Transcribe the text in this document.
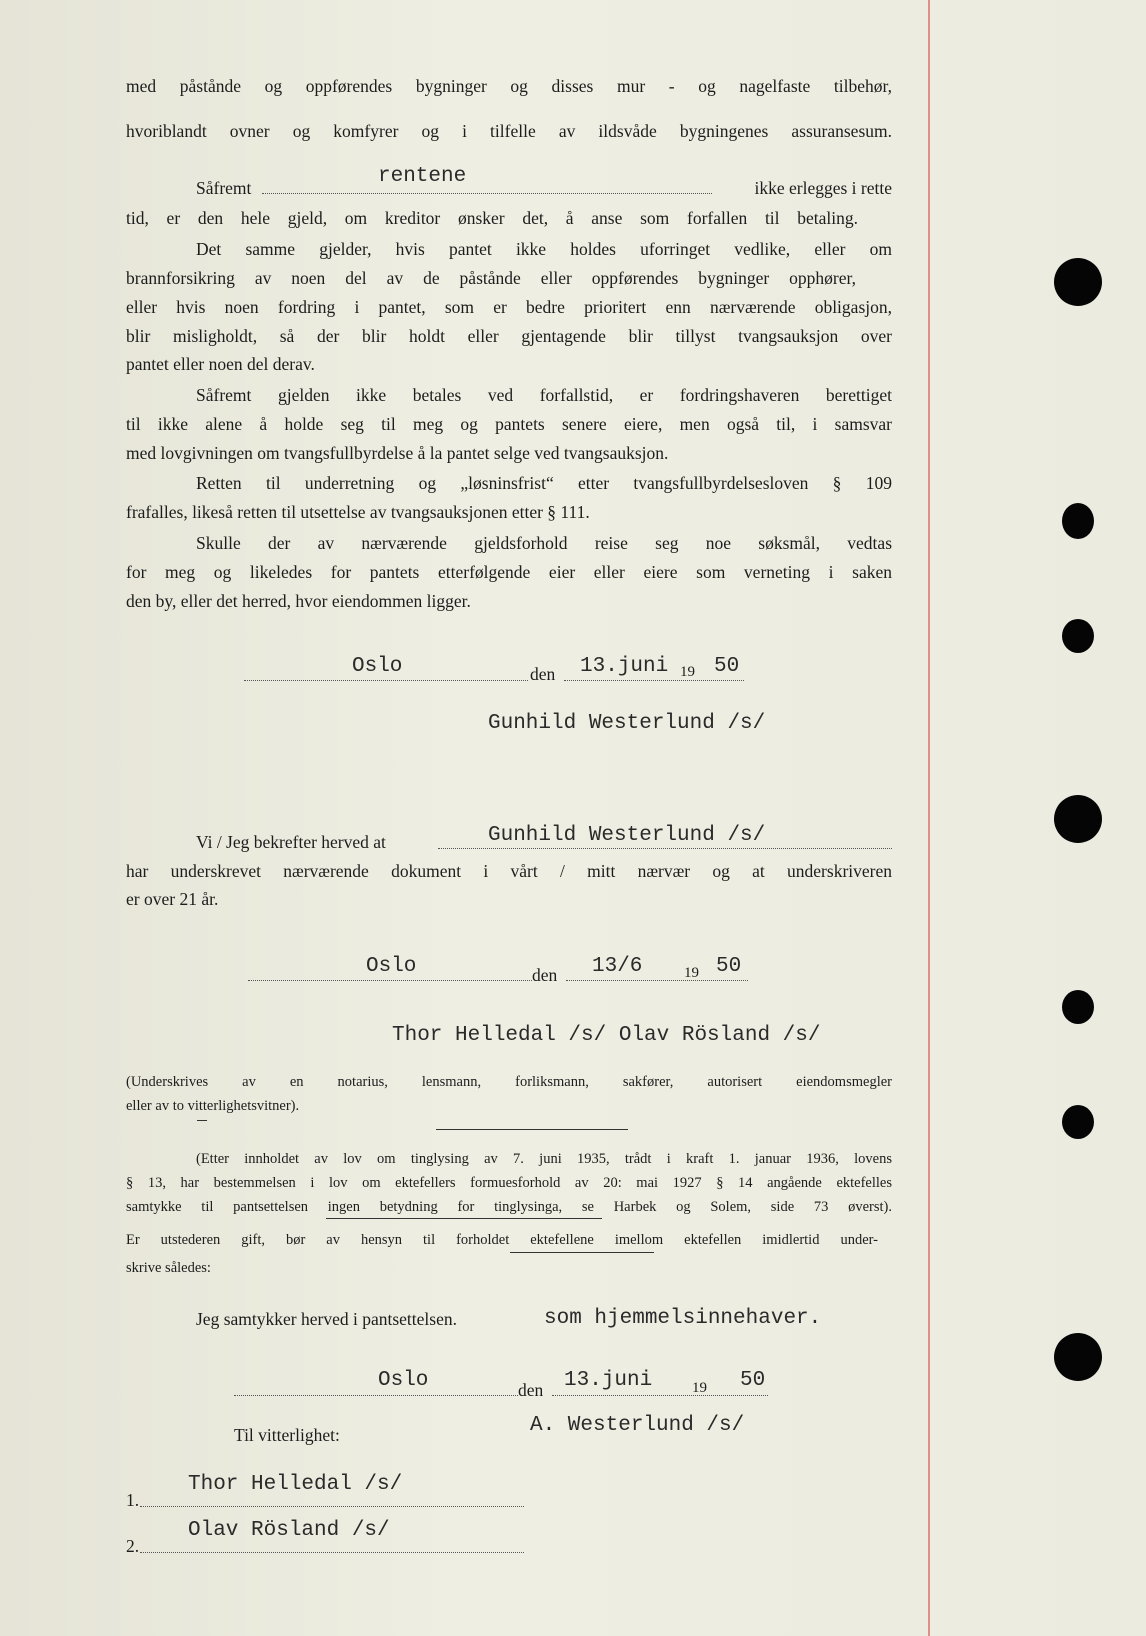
med påstånde og oppførendes bygninger og disses mur - og nagelfaste tilbehør,
hvoriblandt ovner og komfyrer og i tilfelle av ildsvåde bygningenes assuransesum.
Såfremt	rentene	ikke erlegges i rette
tid, er den hele gjeld, om kreditor ønsker det, å anse som forfallen til betaling.
Det samme gjelder, hvis pantet ikke holdes uforringet vedlike, eller om
brannforsikring av noen del av de påstånde eller oppførendes bygninger opphører,
eller hvis noen fordring i pantet, som er bedre prioritert enn nærværende obligasjon,
blir misligholdt, så der blir holdt eller gjentagende blir tillyst tvangsauksjon over
pantet eller noen del derav.
Såfremt gjelden ikke betales ved forfallstid, er fordringshaveren berettiget
til ikke alene å holde seg til meg og pantets senere eiere, men også til, i samsvar
med lovgivningen om tvangsfullbyrdelse å la pantet selge ved tvangsauksjon.
Retten til underretning og „løsninsfrist“ etter tvangsfullbyrdelsesloven § 109
frafalles, likeså retten til utsettelse av tvangsauksjonen etter § 111.
Skulle der av nærværende gjeldsforhold reise seg noe søksmål, vedtas
for meg og likeledes for pantets etterfølgende eier eller eiere som verneting i saken
den by, eller det herred, hvor eiendommen ligger.
Oslo	den 13.juni 19 50
Gunhild Westerlund /s/
Vi / Jeg bekrefter herved at	Gunhild Westerlund /s/
har underskrevet nærværende dokument i vårt / mitt nærvær og at underskriveren
er over 21 år.
Oslo	den 13/6	19 50
Thor Helledal /s/ Olav Rösland /s/
(Underskrives av en notarius, lensmann, forliksmann, sakfører, autorisert eiendomsmegler
eller av to vitterlighetsvitner).
(Etter innholdet av lov om tinglysing av 7. juni 1935, trådt i kraft 1. januar 1936, lovens
§ 13, har bestemmelsen i lov om ektefellers formuesforhold av 20: mai 1927 § 14 angående ektefelles
samtykke til pantsettelsen ingen betydning for tinglysinga, se Harbek og Solem, side 73 øverst).
Er utstederen gift, bør av hensyn til forholdet ektefellene imellom ektefellen imidlertid under-
skrive således:
Jeg samtykker herved i pantsettelsen.	som hjemmelsinnehaver.
Oslo	den 13.juni	19 50
Til vitterlighet:	A. Westerlund /s/
1.
Thor Helledal /s/
2.
Olav Rösland /s/
